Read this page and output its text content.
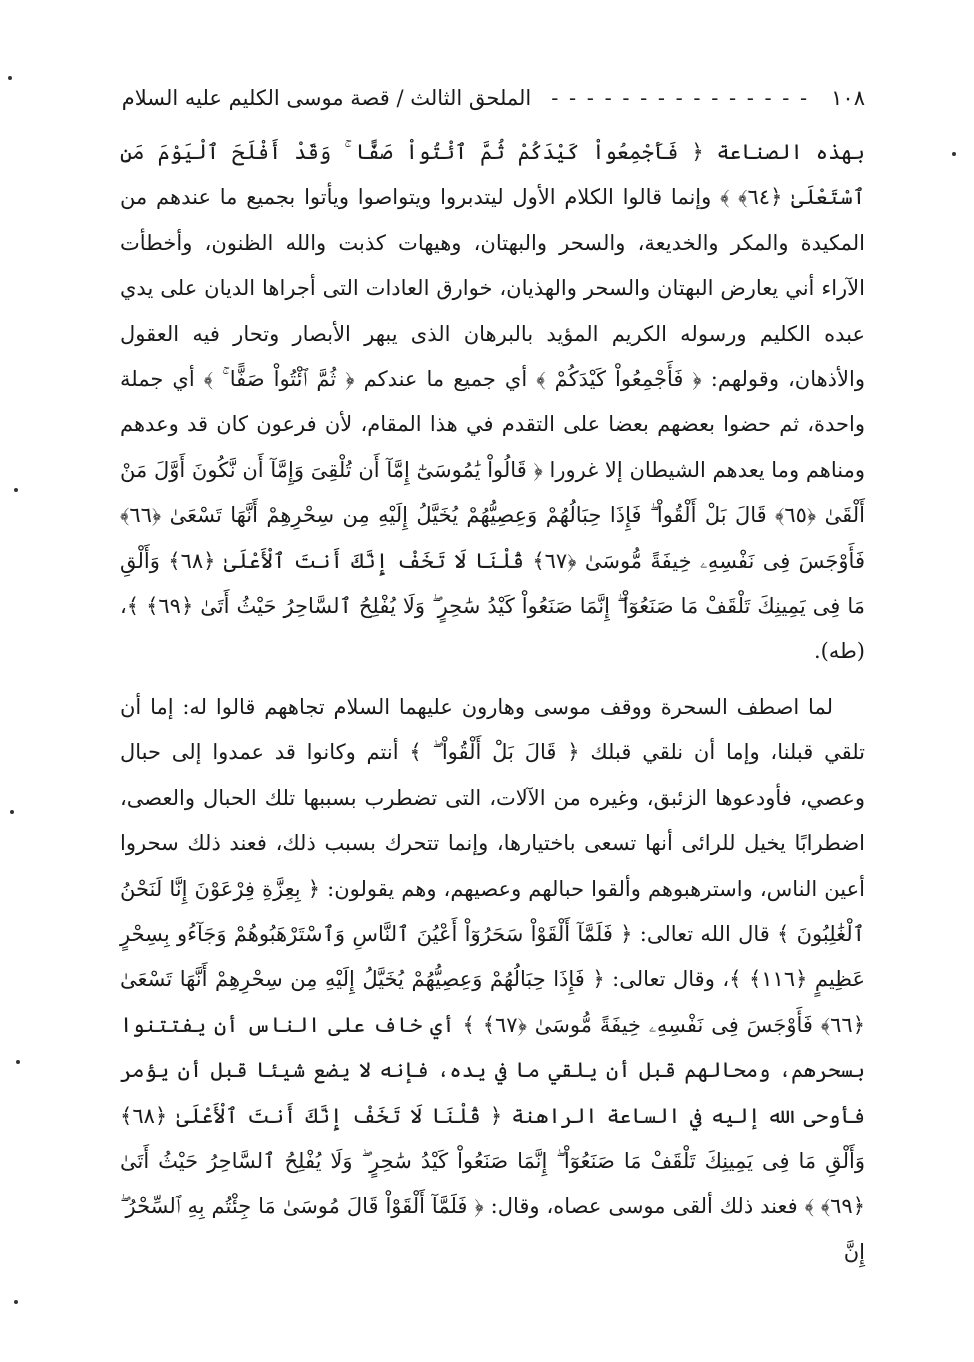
١٠٨
- - - - - - - - - - - - - - -
الملحق الثالث / قصة موسى الكليم عليه السلام

بهذه الصناعة ﴿ فَأَجْمِعُواْ كَيْدَكُمْ ثُمَّ ٱئْتُواْ صَفًّا ۚ وَقَدْ أَفْلَحَ ٱلْيَوْمَ مَنِ ٱسْتَعْلَىٰ ﴿٦٤﴾ ﴾ وإنما قالوا الكلام الأول ليتدبروا ويتواصوا ويأتوا بجميع ما عندهم من المكيدة والمكر والخديعة، والسحر والبهتان، وهيهات كذبت والله الظنون، وأخطأت الآراء أني يعارض البهتان والسحر والهذيان، خوارق العادات التى أجراها الديان على يدي عبده الكليم ورسوله الكريم المؤيد بالبرهان الذى يبهر الأبصار وتحار فيه العقول والأذهان، وقولهم: ﴿ فَأَجْمِعُواْ كَيْدَكُمْ ﴾ أي جميع ما عندكم ﴿ ثُمَّ ٱئْتُواْ صَفًّا ۚ ﴾ أي جملة واحدة، ثم حضوا بعضهم بعضا على التقدم في هذا المقام، لأن فرعون كان قد وعدهم ومناهم وما يعدهم الشيطان إلا غرورا ﴿ قَالُواْ يَٰمُوسَىٰٓ إِمَّآ أَن تُلْقِىَ وَإِمَّآ أَن نَّكُونَ أَوَّلَ مَنْ أَلْقَىٰ ﴿٦٥﴾ قَالَ بَلْ أَلْقُواْ ۖ فَإِذَا حِبَالُهُمْ وَعِصِيُّهُمْ يُخَيَّلُ إِلَيْهِ مِن سِحْرِهِمْ أَنَّهَا تَسْعَىٰ ﴿٦٦﴾ فَأَوْجَسَ فِى نَفْسِهِۦ خِيفَةً مُّوسَىٰ ﴿٦٧﴾ قُلْنَا لَا تَخَفْ إِنَّكَ أَنتَ ٱلْأَعْلَىٰ ﴿٦٨﴾ وَأَلْقِ مَا فِى يَمِينِكَ تَلْقَفْ مَا صَنَعُوٓاْ ۖ إِنَّمَا صَنَعُواْ كَيْدُ سَٰحِرٍ ۖ وَلَا يُفْلِحُ ٱلسَّاحِرُ حَيْثُ أَتَىٰ ﴿٦٩﴾ ﴾، (طه).

لما اصطف السحرة ووقف موسى وهارون عليهما السلام تجاههم قالوا له: إما أن تلقي قبلنا، وإما أن نلقي قبلك ﴿ قَالَ بَلْ أَلْقُواْ ۖ ﴾ أنتم وكانوا قد عمدوا إلى حبال وعصي، فأودعوها الزئبق، وغيره من الآلات، التى تضطرب بسببها تلك الحبال والعصى، اضطرابًا يخيل للرائى أنها تسعى باختيارها، وإنما تتحرك بسبب ذلك، فعند ذلك سحروا أعين الناس، واسترهبوهم وألقوا حبالهم وعصيهم، وهم يقولون: ﴿ بِعِزَّةِ فِرْعَوْنَ إِنَّا لَنَحْنُ ٱلْغَٰلِبُونَ ﴾ قال الله تعالى: ﴿ فَلَمَّآ أَلْقَوْاْ سَحَرُوٓاْ أَعْيُنَ ٱلنَّاسِ وَٱسْتَرْهَبُوهُمْ وَجَآءُو بِسِحْرٍ عَظِيمٍ ﴿١١٦﴾ ﴾، وقال تعالى: ﴿ فَإِذَا حِبَالُهُمْ وَعِصِيُّهُمْ يُخَيَّلُ إِلَيْهِ مِن سِحْرِهِمْ أَنَّهَا تَسْعَىٰ ﴿٦٦﴾ فَأَوْجَسَ فِى نَفْسِهِۦ خِيفَةً مُّوسَىٰ ﴿٦٧﴾ ﴾ أي خاف على الناس أن يفتتنوا بسحرهم، ومحالهم قبل أن يلقي ما في يده، فإنه لا يضع شيئا قبل أن يؤمر فأوحى الله إليه في الساعة الراهنة ﴿ قُلْنَا لَا تَخَفْ إِنَّكَ أَنتَ ٱلْأَعْلَىٰ ﴿٦٨﴾ وَأَلْقِ مَا فِى يَمِينِكَ تَلْقَفْ مَا صَنَعُوٓاْ ۖ إِنَّمَا صَنَعُواْ كَيْدُ سَٰحِرٍ ۖ وَلَا يُفْلِحُ ٱلسَّاحِرُ حَيْثُ أَتَىٰ ﴿٦٩﴾ ﴾ فعند ذلك ألقى موسى عصاه، وقال: ﴿ فَلَمَّآ أَلْقَوْاْ قَالَ مُوسَىٰ مَا جِئْتُم بِهِ ٱلسِّحْرُ ۖ إِنَّ
